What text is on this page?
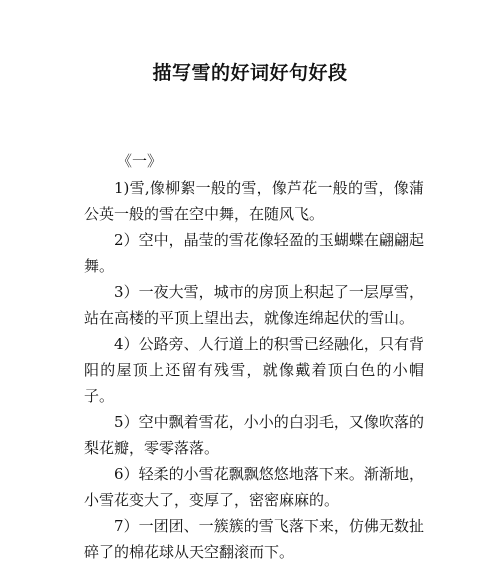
描写雪的好词好句好段
《一》

1)雪,像柳絮一般的雪，像芦花一般的雪，像蒲公英一般的雪在空中舞，在随风飞。

2）空中，晶莹的雪花像轻盈的玉蝴蝶在翩翩起舞。

3）一夜大雪，城市的房顶上积起了一层厚雪，站在高楼的平顶上望出去，就像连绵起伏的雪山。

4）公路旁、人行道上的积雪已经融化，只有背阳的屋顶上还留有残雪，就像戴着顶白色的小帽子。

5）空中飘着雪花，小小的白羽毛，又像吹落的梨花瓣，零零落落。

6）轻柔的小雪花飘飘悠悠地落下来。渐渐地，小雪花变大了，变厚了，密密麻麻的。

7）一团团、一簇簇的雪飞落下来，仿佛无数扯碎了的棉花球从天空翻滚而下。
